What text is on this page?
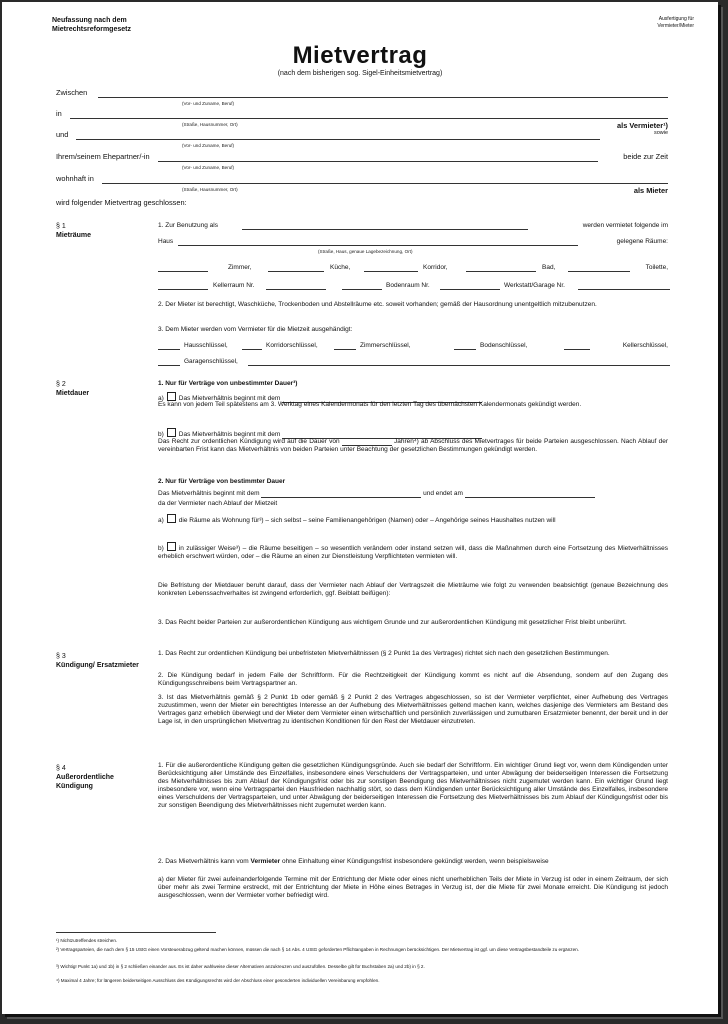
Neufassung nach dem
Mietrechtsreformgesetz
Ausfertigung für
Vermieter/Mieter
Mietvertrag
(nach dem bisherigen sog. Sigel-Einheitsmietvertrag)
Zwischen
(Vor- und Zuname, Beruf)
in
(Straße, Hausnummer, Ort)
und
als Vermieter¹)
sowie
(Vor- und Zuname, Beruf)
Ihrem/seinem Ehepartner/-in	beide zur Zeit
(Vor- und Zuname, Beruf)
wohnhaft in
(Straße, Hausnummer, Ort)	als Mieter
wird folgender Mietvertrag geschlossen:
§ 1
Mieträume
1. Zur Benutzung als	werden vermietet folgende im
Haus	gelegene Räume:
(Straße, Haus, genaue Lagebezeichnung, Ort)
Zimmer,	Küche,	Korridor,	Bad,	Toilette,
Kellerraum Nr.	Bodenraum Nr.	Werkstatt/Garage Nr.
2. Der Mieter ist berechtigt, Waschküche, Trockenboden und Abstellräume etc. soweit vorhanden; gemäß der Hausordnung unentgeltlich mitzubenutzen.
3. Dem Mieter werden vom Vermieter für die Mietzeit ausgehändigt:
Hausschlüssel,	Korridorschlüssel,	Zimmerschlüssel,	Bodenschlüssel,	Kellerschlüssel,
Garagenschlüssel,
§ 2
Mietdauer
1. Nur für Verträge von unbestimmter Dauer³)
a) Das Mietverhältnis beginnt mit dem
Es kann von jedem Teil spätestens am 3. Werktag eines Kalendermonats für den letzten Tag des übernächsten Kalendermonats gekündigt werden.
b) Das Mietverhältnis beginnt mit dem
Das Recht zur ordentlichen Kündigung wird auf die Dauer von	Jahren⁴) ab Abschluss des Mietvertrages für beide Parteien ausgeschlossen. Nach Ablauf der vereinbarten Frist kann das Mietverhältnis von beiden Parteien unter Beachtung der gesetzlichen Bestimmungen gekündigt werden.
2. Nur für Verträge von bestimmter Dauer
Das Mietverhältnis beginnt mit dem	und endet am
da der Vermieter nach Ablauf der Mietzeit
a) die Räume als Wohnung für³) – sich selbst – seine Familienangehörigen (Namen) oder – Angehörige seines Haushaltes nutzen will
b) in zulässiger Weise³) – die Räume beseitigen – so wesentlich verändern oder instand setzen will, dass die Maßnahmen durch eine Fortsetzung des Mietverhältnisses erheblich erschwert würden, oder – die Räume an einen zur Dienstleistung Verpflichteten vermieten will.
Die Befristung der Mietdauer beruht darauf, dass der Vermieter nach Ablauf der Vertragszeit die Mieträume wie folgt zu verwenden beabsichtigt (genaue Bezeichnung des konkreten Lebenssachverhaltes ist zwingend erforderlich, ggf. Beiblatt beifügen):
3. Das Recht beider Parteien zur außerordentlichen Kündigung aus wichtigem Grunde und zur außerordentlichen Kündigung mit gesetzlicher Frist bleibt unberührt.
§ 3
Kündigung/ Ersatzmieter
1. Das Recht zur ordentlichen Kündigung bei unbefristeten Mietverhältnissen (§ 2 Punkt 1a des Vertrages) richtet sich nach den gesetzlichen Bestimmungen.
2. Die Kündigung bedarf in jedem Falle der Schriftform. Für die Rechtzeitigkeit der Kündigung kommt es nicht auf die Absendung, sondern auf den Zugang des Kündigungsschreibens beim Vertragspartner an.
3. Ist das Mietverhältnis gemäß § 2 Punkt 1b oder gemäß § 2 Punkt 2 des Vertrages abgeschlossen, so ist der Vermieter verpflichtet, einer Aufhebung des Vertrages zuzustimmen, wenn der Mieter ein berechtigtes Interesse an der Aufhebung des Mietverhältnisses geltend machen kann, welches dasjenige des Vermieters am Bestand des Vertrages ganz erheblich überwiegt und der Mieter dem Vermieter einen wirtschaftlich und persönlich zuverlässigen und zumutbaren Ersatzmieter benennt, der bereit und in der Lage ist, in den ursprünglichen Mietvertrag zu identischen Konditionen für den Rest der Mietdauer einzutreten.
§ 4
Außerordentliche Kündigung
1. Für die außerordentliche Kündigung gelten die gesetzlichen Kündigungsgründe. Auch sie bedarf der Schriftform. Ein wichtiger Grund liegt vor, wenn dem Kündigenden unter Berücksichtigung aller Umstände des Einzelfalles, insbesondere eines Verschuldens der Vertragsparteien, und unter Abwägung der beiderseitigen Interessen die Fortsetzung des Mietverhältnisses bis zum Ablauf der Kündigungsfrist oder bis zur sonstigen Beendigung des Mietverhältnisses nicht zugemutet werden kann. Ein wichtiger Grund liegt insbesondere vor, wenn eine Vertragspartei den Hausfrieden nachhaltig stört, so dass dem Kündigenden unter Berücksichtigung aller Umstände des Einzelfalles, insbesondere eines Verschuldens der Vertragsparteien, und unter Abwägung der beiderseitigen Interessen die Fortsetzung des Mietverhältnisses bis zum Ablauf der Kündigungsfrist oder bis zur sonstigen Beendigung des Mietverhältnisses nicht zugemutet werden kann.
2. Das Mietverhältnis kann vom Vermieter ohne Einhaltung einer Kündigungsfrist insbesondere gekündigt werden, wenn beispielsweise
a) der Mieter für zwei aufeinanderfolgende Termine mit der Entrichtung der Miete oder eines nicht unerheblichen Teils der Miete in Verzug ist oder in einem Zeitraum, der sich über mehr als zwei Termine erstreckt, mit der Entrichtung der Miete in Höhe eines Betrages in Verzug ist, der die Miete für zwei Monate erreicht. Die Kündigung ist jedoch ausgeschlossen, wenn der Vermieter vorher befriedigt wird.
¹) Nichtzutreffendes streichen.
²) Vertragsparteien, die nach dem § 15 UStG einen Vorsteuerabzug geltend machen können, müssen die nach § 14 Abs. 4 UStG geforderten Pflichtangaben in Rechnungen berücksichtigen. Der Mietvertrag ist ggf. um diese Vertragsbestandteile zu ergänzen.
³) Wichtig! Punkt 1a) und 1b) in § 2 schließen einander aus. Es ist daher wahlweise dieser Alternativen anzukreuzen und auszufüllen. Desselbe gilt für Buchstaben 2a) und 2b) in § 2.
⁴) Maximal 4 Jahre; für längeren beiderseitigen Ausschluss des Kündigungsrechts wird der Abschluss einer gesonderten individuellen Vereinbarung empfohlen.
